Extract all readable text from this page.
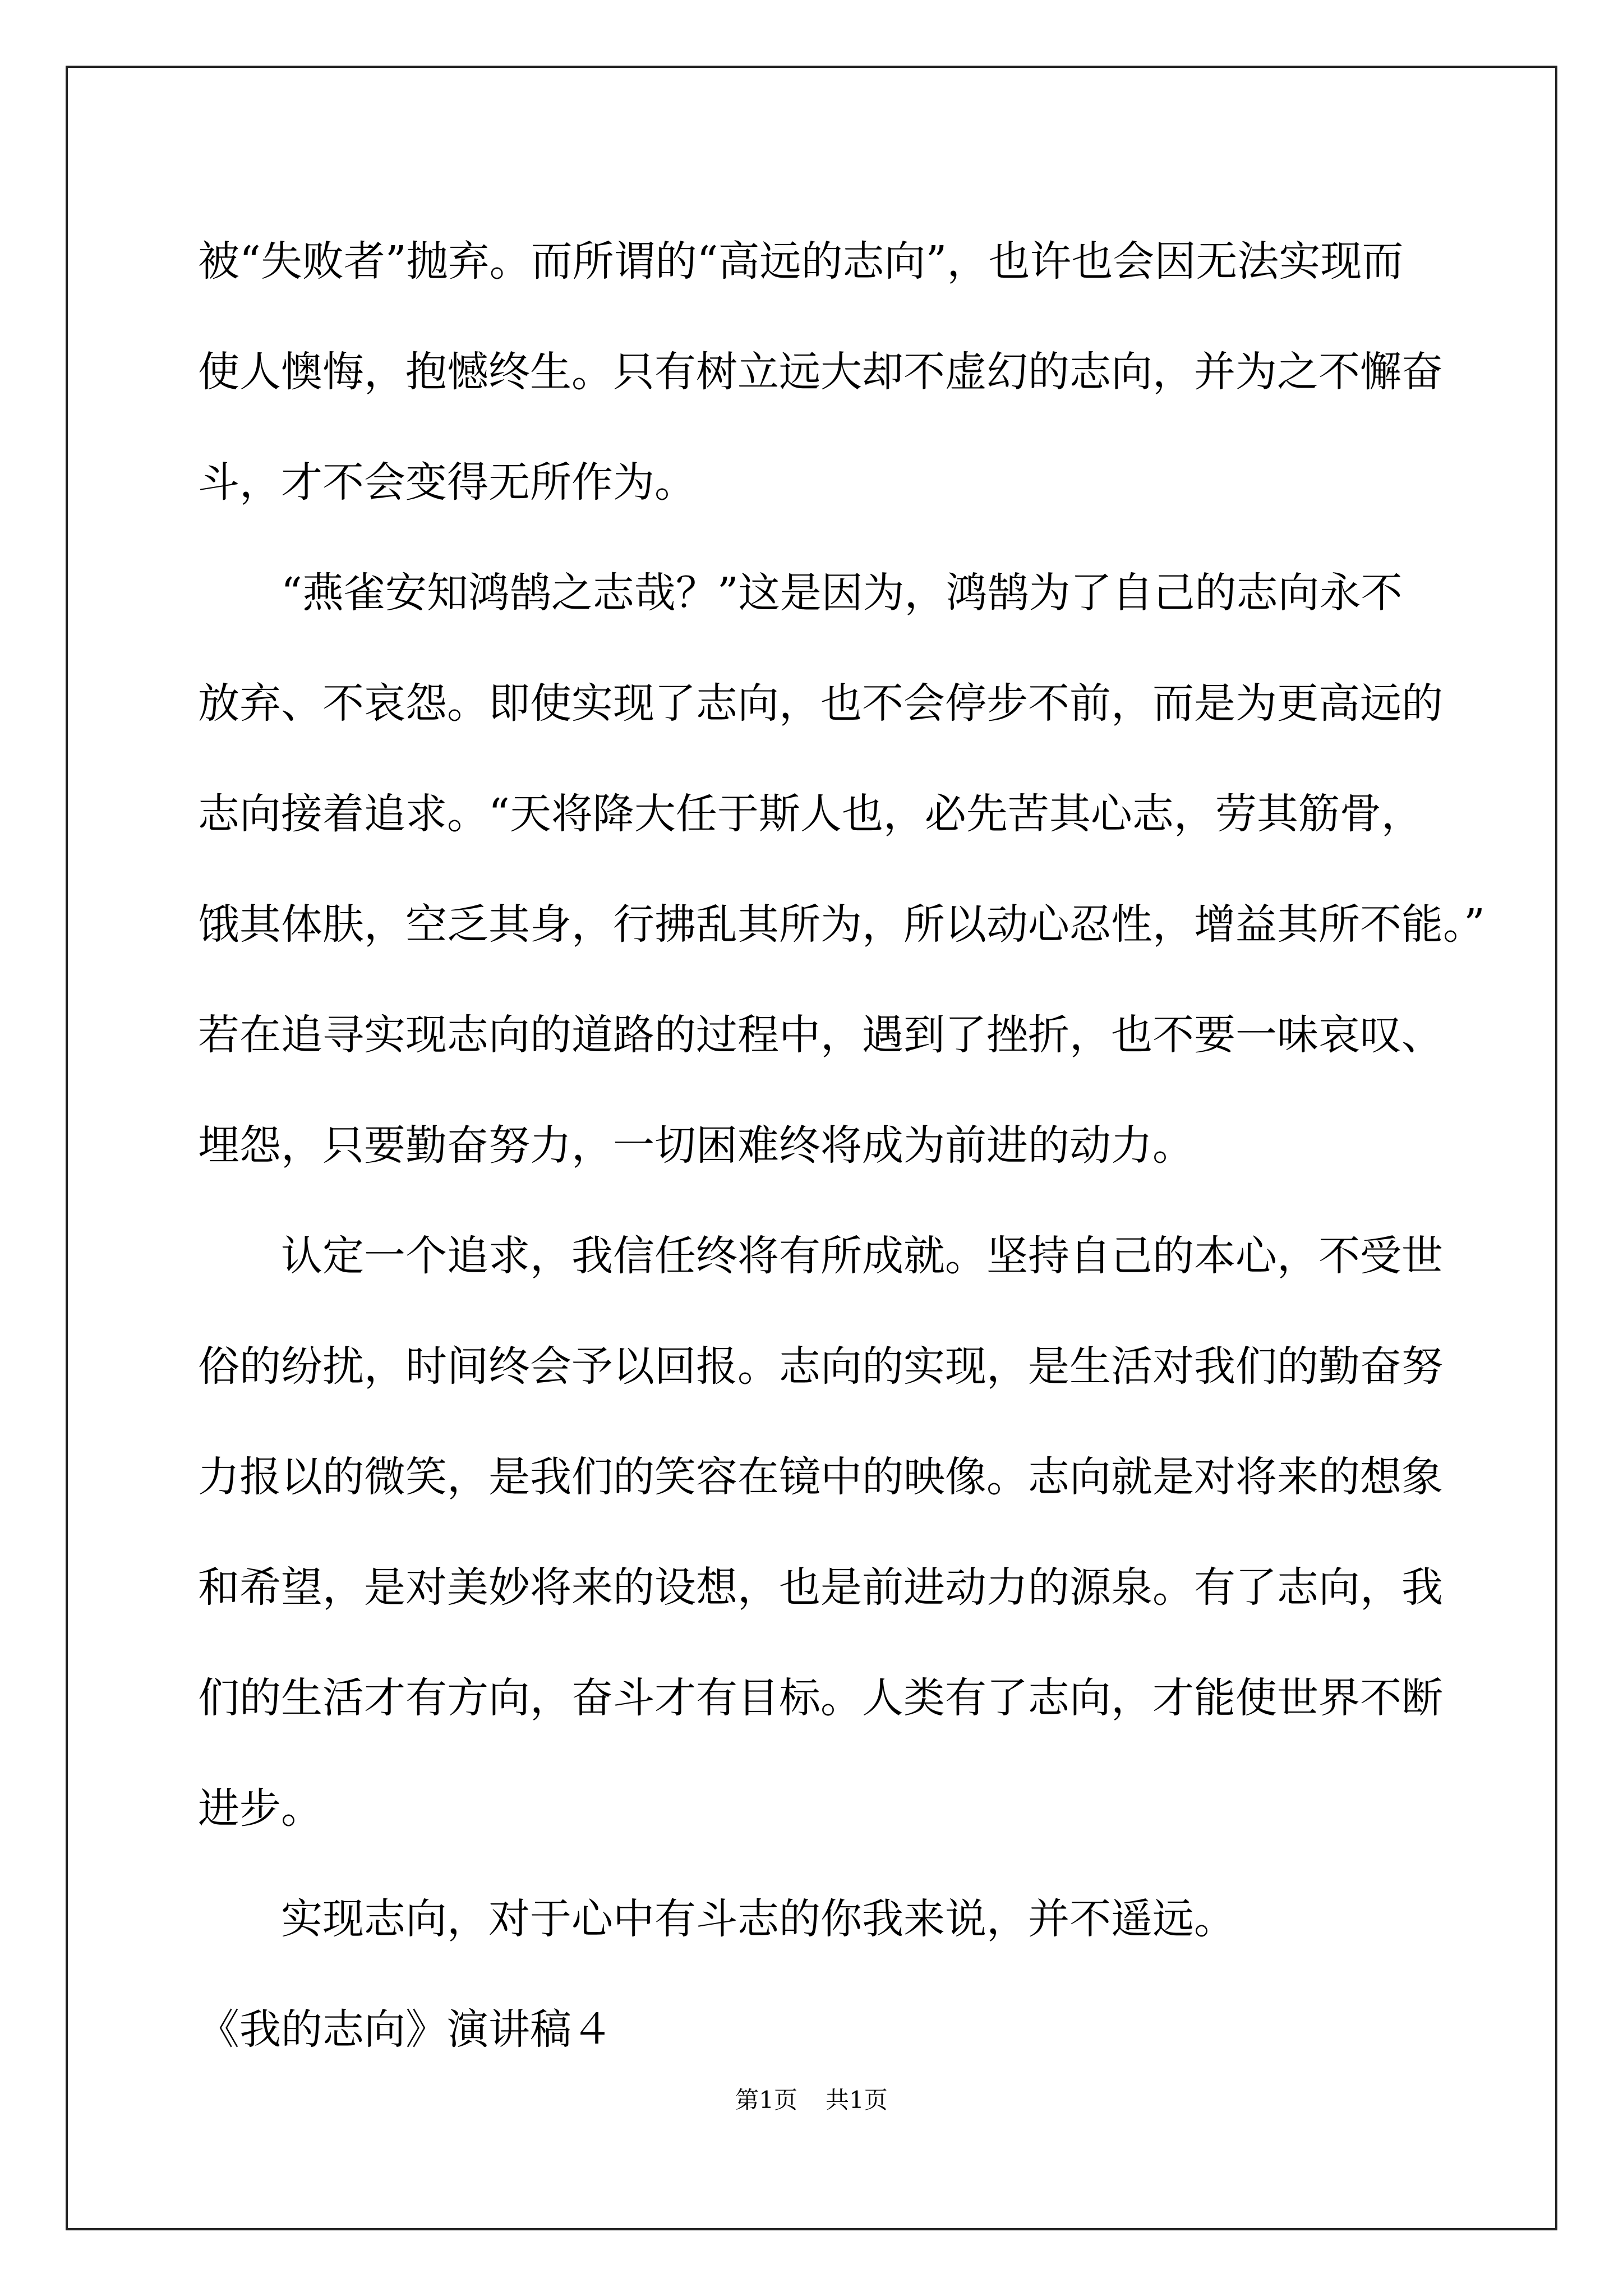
被“失败者”抛弃。而所谓的“高远的志向”，也许也会因无法实现而
使人懊悔，抱憾终生。只有树立远大却不虚幻的志向，并为之不懈奋
斗，才不会变得无所作为。
“燕雀安知鸿鹄之志哉？”这是因为，鸿鹄为了自己的志向永不
放弃、不哀怨。即使实现了志向，也不会停步不前，而是为更高远的
志向接着追求。“天将降大任于斯人也，必先苦其心志，劳其筋骨，
饿其体肤，空乏其身，行拂乱其所为，所以动心忍性，增益其所不能。”
若在追寻实现志向的道路的过程中，遇到了挫折，也不要一味哀叹、
埋怨，只要勤奋努力，一切困难终将成为前进的动力。
认定一个追求，我信任终将有所成就。坚持自己的本心，不受世
俗的纷扰，时间终会予以回报。志向的实现，是生活对我们的勤奋努
力报以的微笑，是我们的笑容在镜中的映像。志向就是对将来的想象
和希望，是对美妙将来的设想，也是前进动力的源泉。有了志向，我
们的生活才有方向，奋斗才有目标。人类有了志向，才能使世界不断
进步。
实现志向，对于心中有斗志的你我来说，并不遥远。
《我的志向》演讲稿４
第1页 共1页
